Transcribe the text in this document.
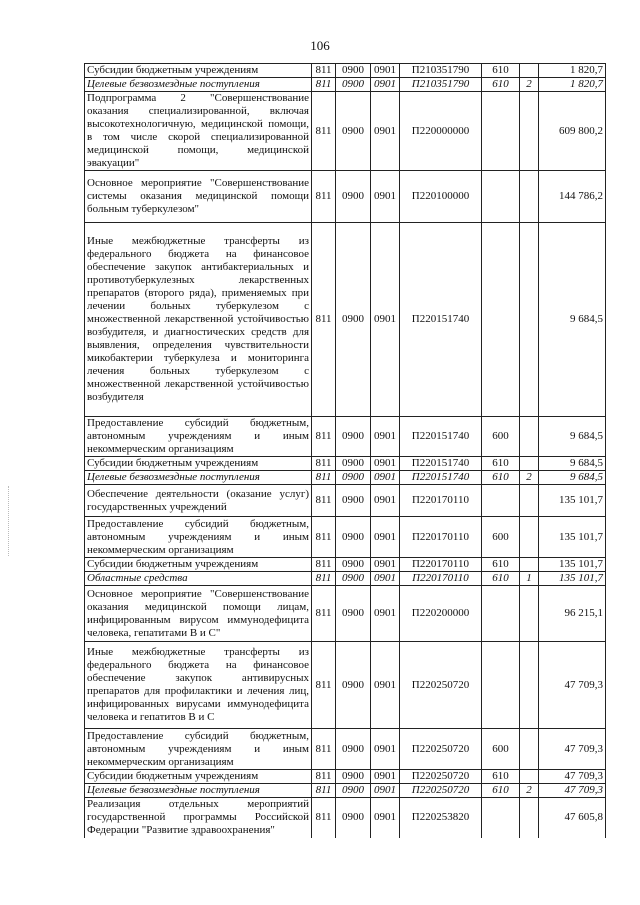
106
Субсидии бюджетным учреждениям	811	0900	0901	П210351790	610		1 820,7
Целевые безвозмездные поступления	811	0900	0901	П210351790	610	2	1 820,7
Подпрограмма 2 "Совершенствование оказания специализированной, включая высокотехнологичную, медицинской помощи, в том числе скорой специализированной медицинской помощи, медицинской эвакуации"	811	0900	0901	П220000000			609 800,2
Основное мероприятие "Совершенствование системы оказания медицинской помощи больным туберкулезом"	811	0900	0901	П220100000			144 786,2
Иные межбюджетные трансферты из федерального бюджета на финансовое обеспечение закупок антибактериальных и противотуберкулезных лекарственных препаратов (второго ряда), применяемых при лечении больных туберкулезом с множественной лекарственной устойчивостью возбудителя, и диагностических средств для выявления, определения чувствительности микобактерии туберкулеза и мониторинга лечения больных туберкулезом с множественной лекарственной устойчивостью возбудителя	811	0900	0901	П220151740			9 684,5
Предоставление субсидий бюджетным, автономным учреждениям и иным некоммерческим организациям	811	0900	0901	П220151740	600		9 684,5
Субсидии бюджетным учреждениям	811	0900	0901	П220151740	610		9 684,5
Целевые безвозмездные поступления	811	0900	0901	П220151740	610	2	9 684,5
Обеспечение деятельности (оказание услуг) государственных учреждений	811	0900	0901	П220170110			135 101,7
Предоставление субсидий бюджетным, автономным учреждениям и иным некоммерческим организациям	811	0900	0901	П220170110	600		135 101,7
Субсидии бюджетным учреждениям	811	0900	0901	П220170110	610		135 101,7
Областные средства	811	0900	0901	П220170110	610	1	135 101,7
Основное мероприятие "Совершенствование оказания медицинской помощи лицам, инфицированным вирусом иммунодефицита человека, гепатитами В и С"	811	0900	0901	П220200000			96 215,1
Иные межбюджетные трансферты из федерального бюджета на финансовое обеспечение закупок антивирусных препаратов для профилактики и лечения лиц, инфицированных вирусами иммунодефицита человека и гепатитов В и С	811	0900	0901	П220250720			47 709,3
Предоставление субсидий бюджетным, автономным учреждениям и иным некоммерческим организациям	811	0900	0901	П220250720	600		47 709,3
Субсидии бюджетным учреждениям	811	0900	0901	П220250720	610		47 709,3
Целевые безвозмездные поступления	811	0900	0901	П220250720	610	2	47 709,3
Реализация отдельных мероприятий государственной программы Российской Федерации "Развитие здравоохранения"	811	0900	0901	П220253820			47 605,8
